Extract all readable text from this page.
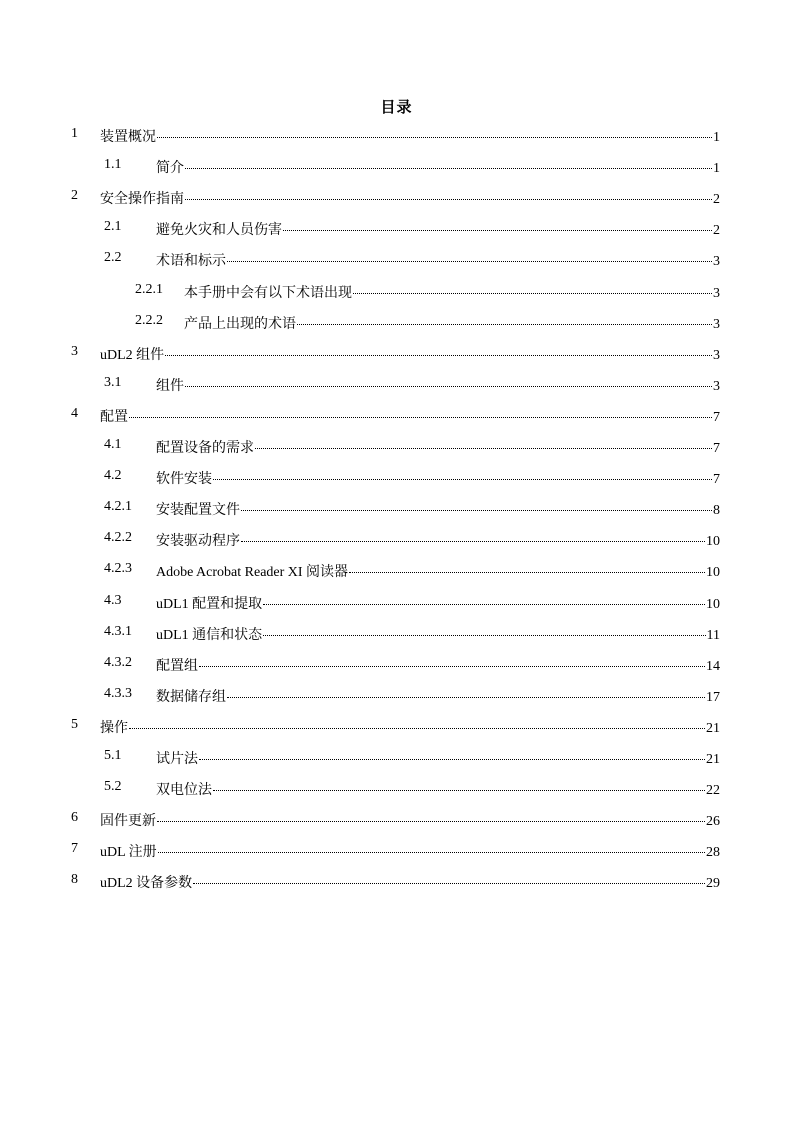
目录
1 装置概况	1
1.1 简介	1
2 安全操作指南	2
2.1 避免火灾和人员伤害	2
2.2 术语和标示	3
2.2.1 本手册中会有以下术语出现	3
2.2.2 产品上出现的术语	3
3 uDL2 组件	3
3.1 组件	3
4 配置	7
4.1 配置设备的需求	7
4.2 软件安装	7
4.2.1 安装配置文件	8
4.2.2 安装驱动程序	10
4.2.3 Adobe Acrobat Reader XI 阅读器	10
4.3 uDL1 配置和提取	10
4.3.1 uDL1 通信和状态	11
4.3.2 配置组	14
4.3.3 数据储存组	17
5 操作	21
5.1 试片法	21
5.2 双电位法	22
6 固件更新	26
7 uDL 注册	28
8 uDL2 设备参数	29
